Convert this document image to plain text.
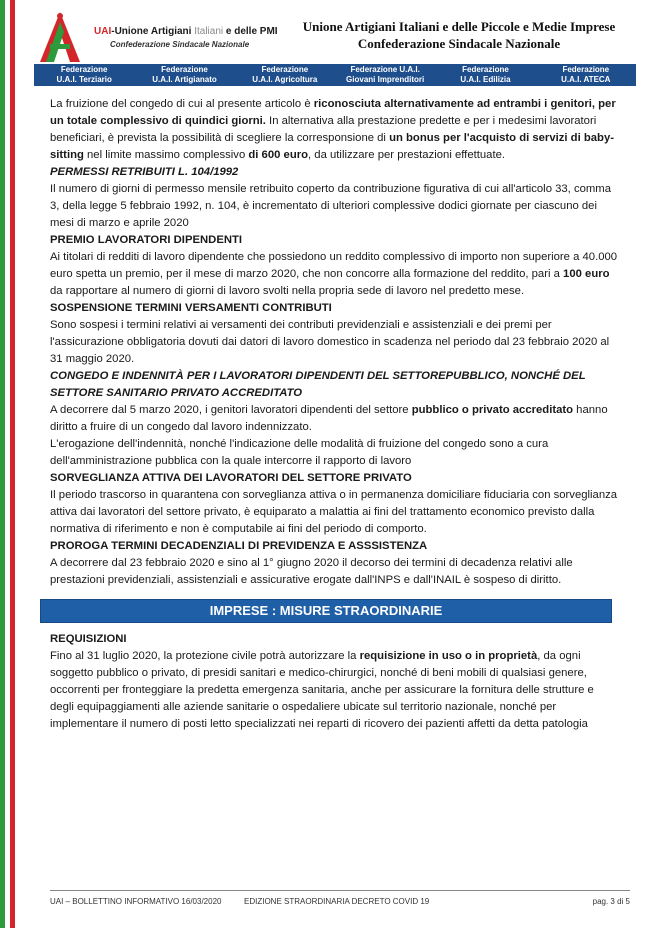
UAI-Unione Artigiani Italiani e delle PMI
Confederazione Sindacale Nazionale
Unione Artigiani Italiani e delle Piccole e Medie Imprese
Confederazione Sindacale Nazionale
Federazione
U.A.I. Terziario
Federazione
U.A.I. Artigianato
Federazione
U.A.I. Agricoltura
Federazione U.A.I.
Giovani Imprenditori
Federazione
U.A.I. Edilizia
Federazione
U.A.I. ATECA

La fruizione del congedo di cui al presente articolo è riconosciuta alternativamente ad entrambi i genitori, per un totale complessivo di quindici giorni. In alternativa alla prestazione predette e per i medesimi lavoratori beneficiari, è prevista la possibilità di scegliere la corresponsione di un bonus per l'acquisto di servizi di baby-sitting nel limite massimo complessivo di 600 euro, da utilizzare per prestazioni effettuate.

PERMESSI RETRIBUITI L. 104/1992

Il numero di giorni di permesso mensile retribuito coperto da contribuzione figurativa di cui all'articolo 33, comma 3, della legge 5 febbraio 1992, n. 104, è incrementato di ulteriori complessive dodici giornate per ciascuno dei mesi di marzo e aprile 2020

PREMIO LAVORATORI DIPENDENTI

Ai titolari di redditi di lavoro dipendente che possiedono un reddito complessivo di importo non superiore a 40.000 euro spetta un premio, per il mese di marzo 2020, che non concorre alla formazione del reddito, pari a 100 euro da rapportare al numero di giorni di lavoro svolti nella propria sede di lavoro nel predetto mese.

SOSPENSIONE TERMINI VERSAMENTI CONTRIBUTI

Sono sospesi i termini relativi ai versamenti dei contributi previdenziali e assistenziali e dei premi per l'assicurazione obbligatoria dovuti dai datori di lavoro domestico in scadenza nel periodo dal 23 febbraio 2020 al 31 maggio 2020.

CONGEDO E INDENNITÀ PER I LAVORATORI DIPENDENTI DEL SETTOREPUBBLICO, NONCHÉ DEL SETTORE SANITARIO PRIVATO ACCREDITATO

A decorrere dal 5 marzo 2020, i genitori lavoratori dipendenti del settore pubblico o privato accreditato hanno diritto a fruire di un congedo dal lavoro indennizzato.

L'erogazione dell'indennità, nonché l'indicazione delle modalità di fruizione del congedo sono a cura dell'amministrazione pubblica con la quale intercorre il rapporto di lavoro

SORVEGLIANZA ATTIVA DEI LAVORATORI DEL SETTORE PRIVATO

Il periodo trascorso in quarantena con sorveglianza attiva o in permanenza domiciliare fiduciaria con sorveglianza attiva dai lavoratori del settore privato, è equiparato a malattia ai fini del trattamento economico previsto dalla normativa di riferimento e non è computabile ai fini del periodo di comporto.

PROROGA TERMINI DECADENZIALI DI PREVIDENZA E ASSSISTENZA

A decorrere dal 23 febbraio 2020 e sino al 1° giugno 2020 il decorso dei termini di decadenza relativi alle prestazioni previdenziali, assistenziali e assicurative erogate dall'INPS e dall'INAIL è sospeso di diritto.

IMPRESE : MISURE STRAORDINARIE

REQUISIZIONI

Fino al 31 luglio 2020, la protezione civile potrà autorizzare la requisizione in uso o in proprietà, da ogni soggetto pubblico o privato, di presidi sanitari e medico-chirurgici, nonché di beni mobili di qualsiasi genere, occorrenti per fronteggiare la predetta emergenza sanitaria, anche per assicurare la fornitura delle strutture e degli equipaggiamenti alle aziende sanitarie o ospedaliere ubicate sul territorio nazionale, nonché per implementare il numero di posti letto specializzati nei reparti di ricovero dei pazienti affetti da detta patologia

UAI – BOLLETTINO INFORMATIVO 16/03/2020	EDIZIONE STRAORDINARIA DECRETO COVID 19	pag. 3 di 5
